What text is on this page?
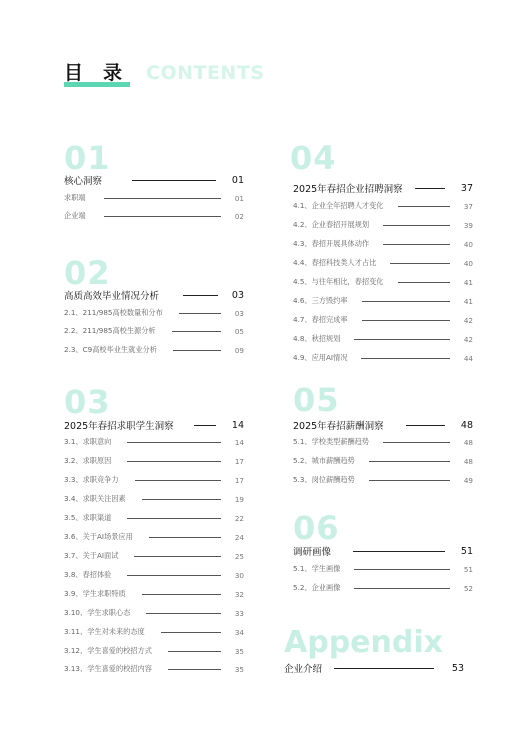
目录 CONTENTS
01
核心洞察	01
求职端	01
企业端	02
02
高质高效毕业情况分析	03
2.1、211/985高校数量和分布	03
2.2、211/985高校生源分析	05
2.3、C9高校毕业生就业分析	09
03
2025年春招求职学生洞察	14
3.1、求职意向	14
3.2、求职原因	17
3.3、求职竞争力	17
3.4、求职关注因素	19
3.5、求职渠道	22
3.6、关于AI场景应用	24
3.7、关于AI面试	25
3.8、春招体验	30
3.9、学生求职特质	32
3.10、学生求职心态	33
3.11、学生对未来的态度	34
3.12、学生喜爱的校招方式	35
3.13、学生喜爱的校招内容	35
04
2025年春招企业招聘洞察	37
4.1、企业全年招聘人才变化	37
4.2、企业春招开展规划	39
4.3、春招开展具体动作	40
4.4、春招科技类人才占比	40
4.5、与往年相比，春招变化	41
4.6、三方毁约率	41
4.7、春招完成率	42
4.8、秋招规划	42
4.9、应用AI情况	44
05
2025年春招薪酬洞察	48
5.1、学校类型薪酬趋势	48
5.2、城市薪酬趋势	48
5.3、岗位薪酬趋势	49
06
调研画像	51
5.1、学生画像	51
5.2、企业画像	52
Appendix
企业介绍	53
